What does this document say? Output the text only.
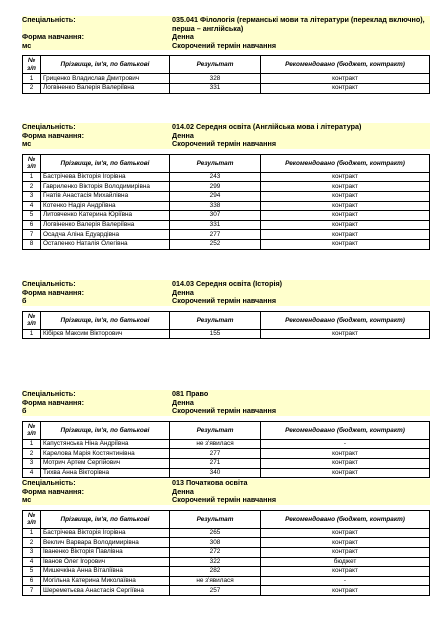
Спеціальність:	035.041 Філологія (германські мови та літератури (переклад включно), перша – англійська)
Форма навчання:	Денна
мс	Скорочений термін навчання
№ з/п	Прізвище, ім'я, по батькові	Результат	Рекомендовано (бюджет, контракт)
1	Гриценко Владислав Дмитрович	328	контракт
2	Логвіненко Валерія Валеріївна	331	контракт
Спеціальність:	014.02 Середня освіта (Англійська мова і література)
Форма навчання:	Денна
мс	Скорочений термін навчання
№ з/п	Прізвище, ім'я, по батькові	Результат	Рекомендовано (бюджет, контракт)
1	Бастрічева Вікторія Ігорівна	243	контракт
2	Гавриленко Вікторія Володимирівна	299	контракт
3	Гнатів Анастасія Михайлівна	294	контракт
4	Котенко Надія Андріївна	338	контракт
5	Литовченко Катерина Юріївна	307	контракт
6	Логвіненко Валерія Валеріївна	331	контракт
7	Осадча Аліна Едуардівна	277	контракт
8	Остапенко Наталія Олегівна	252	контракт
Спеціальність:	014.03 Середня освіта (Історія)
Форма навчання:	Денна
б	Скорочений термін навчання
№ з/п	Прізвище, ім'я, по батькові	Результат	Рекомендовано (бюджет, контракт)
1	Кібірєв Максим Вікторович	155	контракт
Спеціальність:	081 Право
Форма навчання:	Денна
б	Скорочений термін навчання
№ з/п	Прізвище, ім'я, по батькові	Результат	Рекомендовано (бюджет, контракт)
1	Капустянська Ніна Андріївна	не з'явилася	-
2	Карелова Марія Костянтинівна	277	контракт
3	Мотрич Артем Сергійович	271	контракт
4	Тихва Анна Вікторівна	340	контракт
Спеціальність:	013 Початкова освіта
Форма навчання:	Денна
мс	Скорочений термін навчання
№ з/п	Прізвище, ім'я, по батькові	Результат	Рекомендовано (бюджет, контракт)
1	Бастрічева Вікторія Ігорівна	265	контракт
2	Веклич Варвара Володимирівна	308	контракт
3	Іваненко Вікторія Павлівна	272	контракт
4	Іванов Олег Ігорович	322	бюджет
5	Мишечкіна Анна Віталіївна	282	контракт
6	Могільна Катерина Миколаївна	не з'явилася	-
7	Шереметьєва Анастасія Сергіївна	257	контракт
